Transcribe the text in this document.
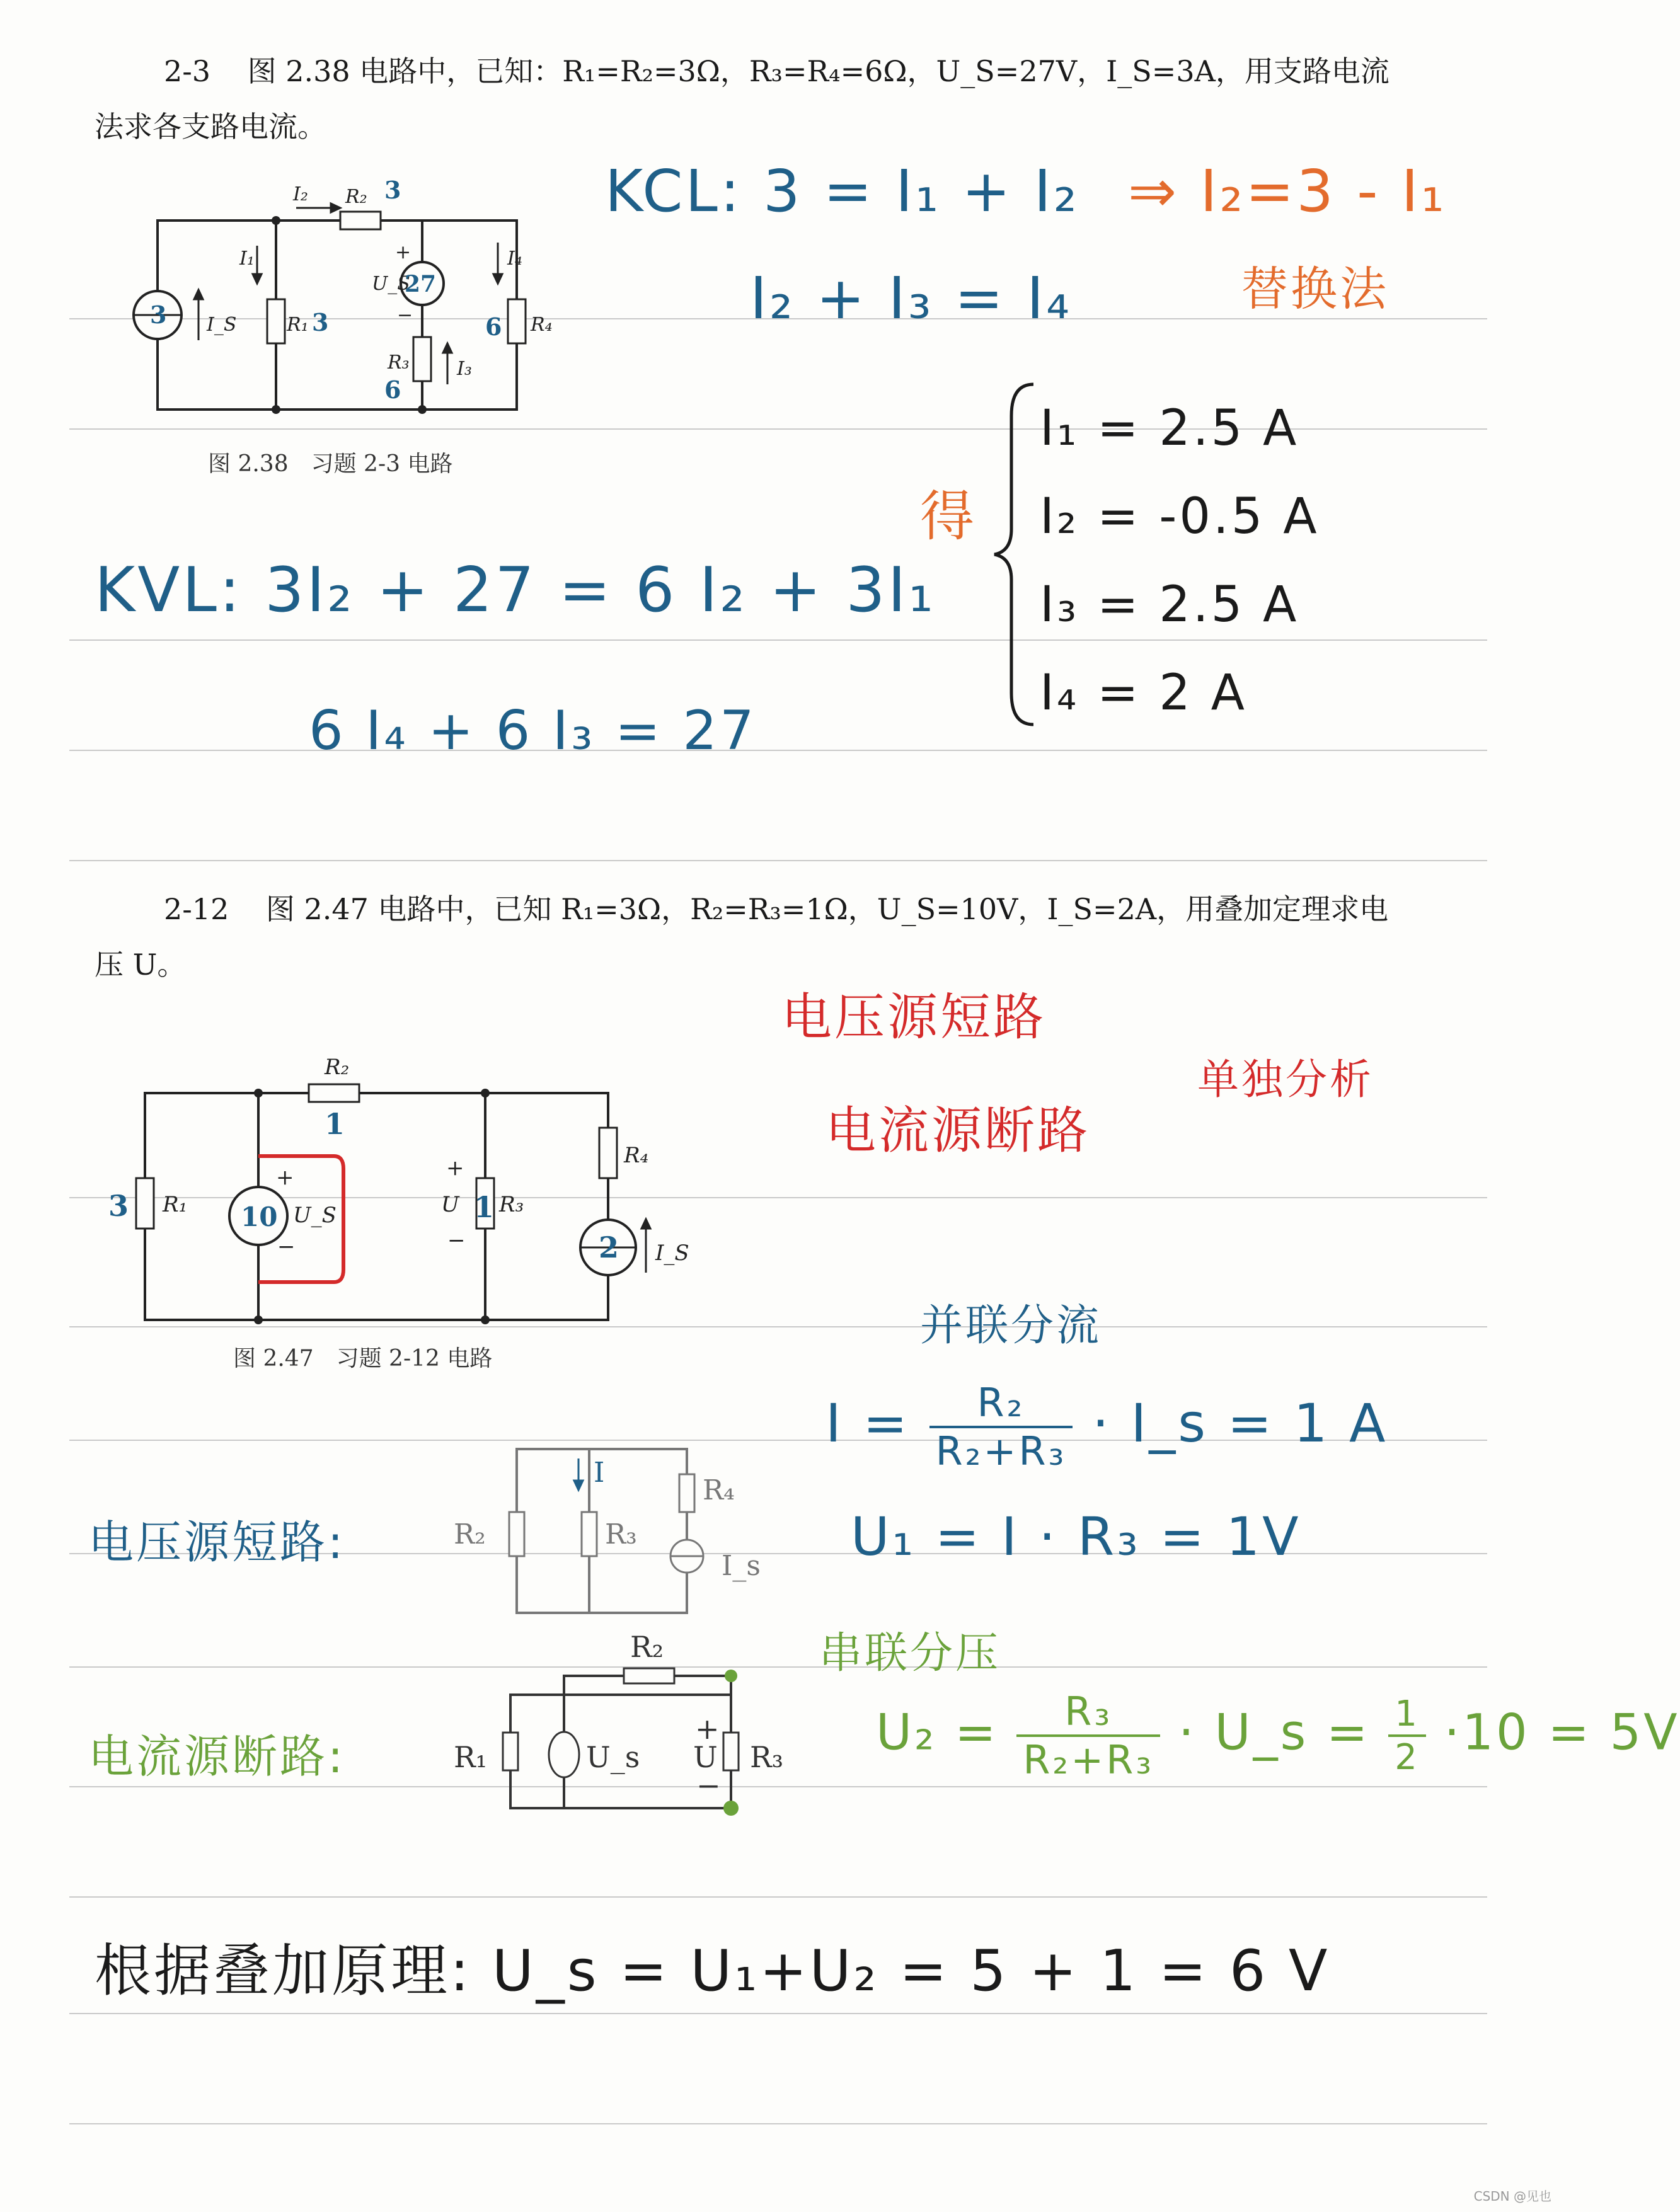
2-3 图 2.38 电路中，已知：R₁=R₂=3Ω，R₃=R₄=6Ω，U_S=27V，I_S=3A，用支路电流
法求各支路电流。
I₂ R₂
I₁	I₄
U_S
R₁	R₄
R₃	I₃
I_S
+
−
3
3	6
6
27
3
图 2.38　习题 2-3 电路
KCL: 3 = I₁ + I₂ ⇒ I₂=3 - I₁
替换法
I₂ + I₃ = I₄
KVL: 3I₂ + 27 = 6 I₂ + 3I₁
6 I₄ + 6 I₃ = 27
得
I₁ = 2.5 A
I₂ = -0.5 A
I₃ = 2.5 A
I₄ = 2 A
2-12 图 2.47 电路中，已知 R₁=3Ω，R₂=R₃=1Ω，U_S=10V，I_S=2A，用叠加定理求电
压 U。
R₂
R₁	U_S	U R₃
R₄
I_S
+
−
+
−
1
3	10	1
2
图 2.47　习题 2-12 电路
电压源短路
电流源断路
单独分析
并联分流
$I = \frac{\text{R₂}}{\text{R₂+R₃}}$ · I_s = 1 A
U₁ = I · R₃ = 1V
电压源短路:	R₂	R₃
R₄
I_s
I
串联分压
$U_2 = \frac{\text{R₃}}{\text{R₂+R₃}}$ · U_s = $\frac{1}{2} \cdot 10 = 5V$
电流源断路:	R₁	U_s
R₂
R₃
U
+
−
根据叠加原理: U_s = U₁+U₂ = 5 + 1 = 6 V
CSDN @见也
